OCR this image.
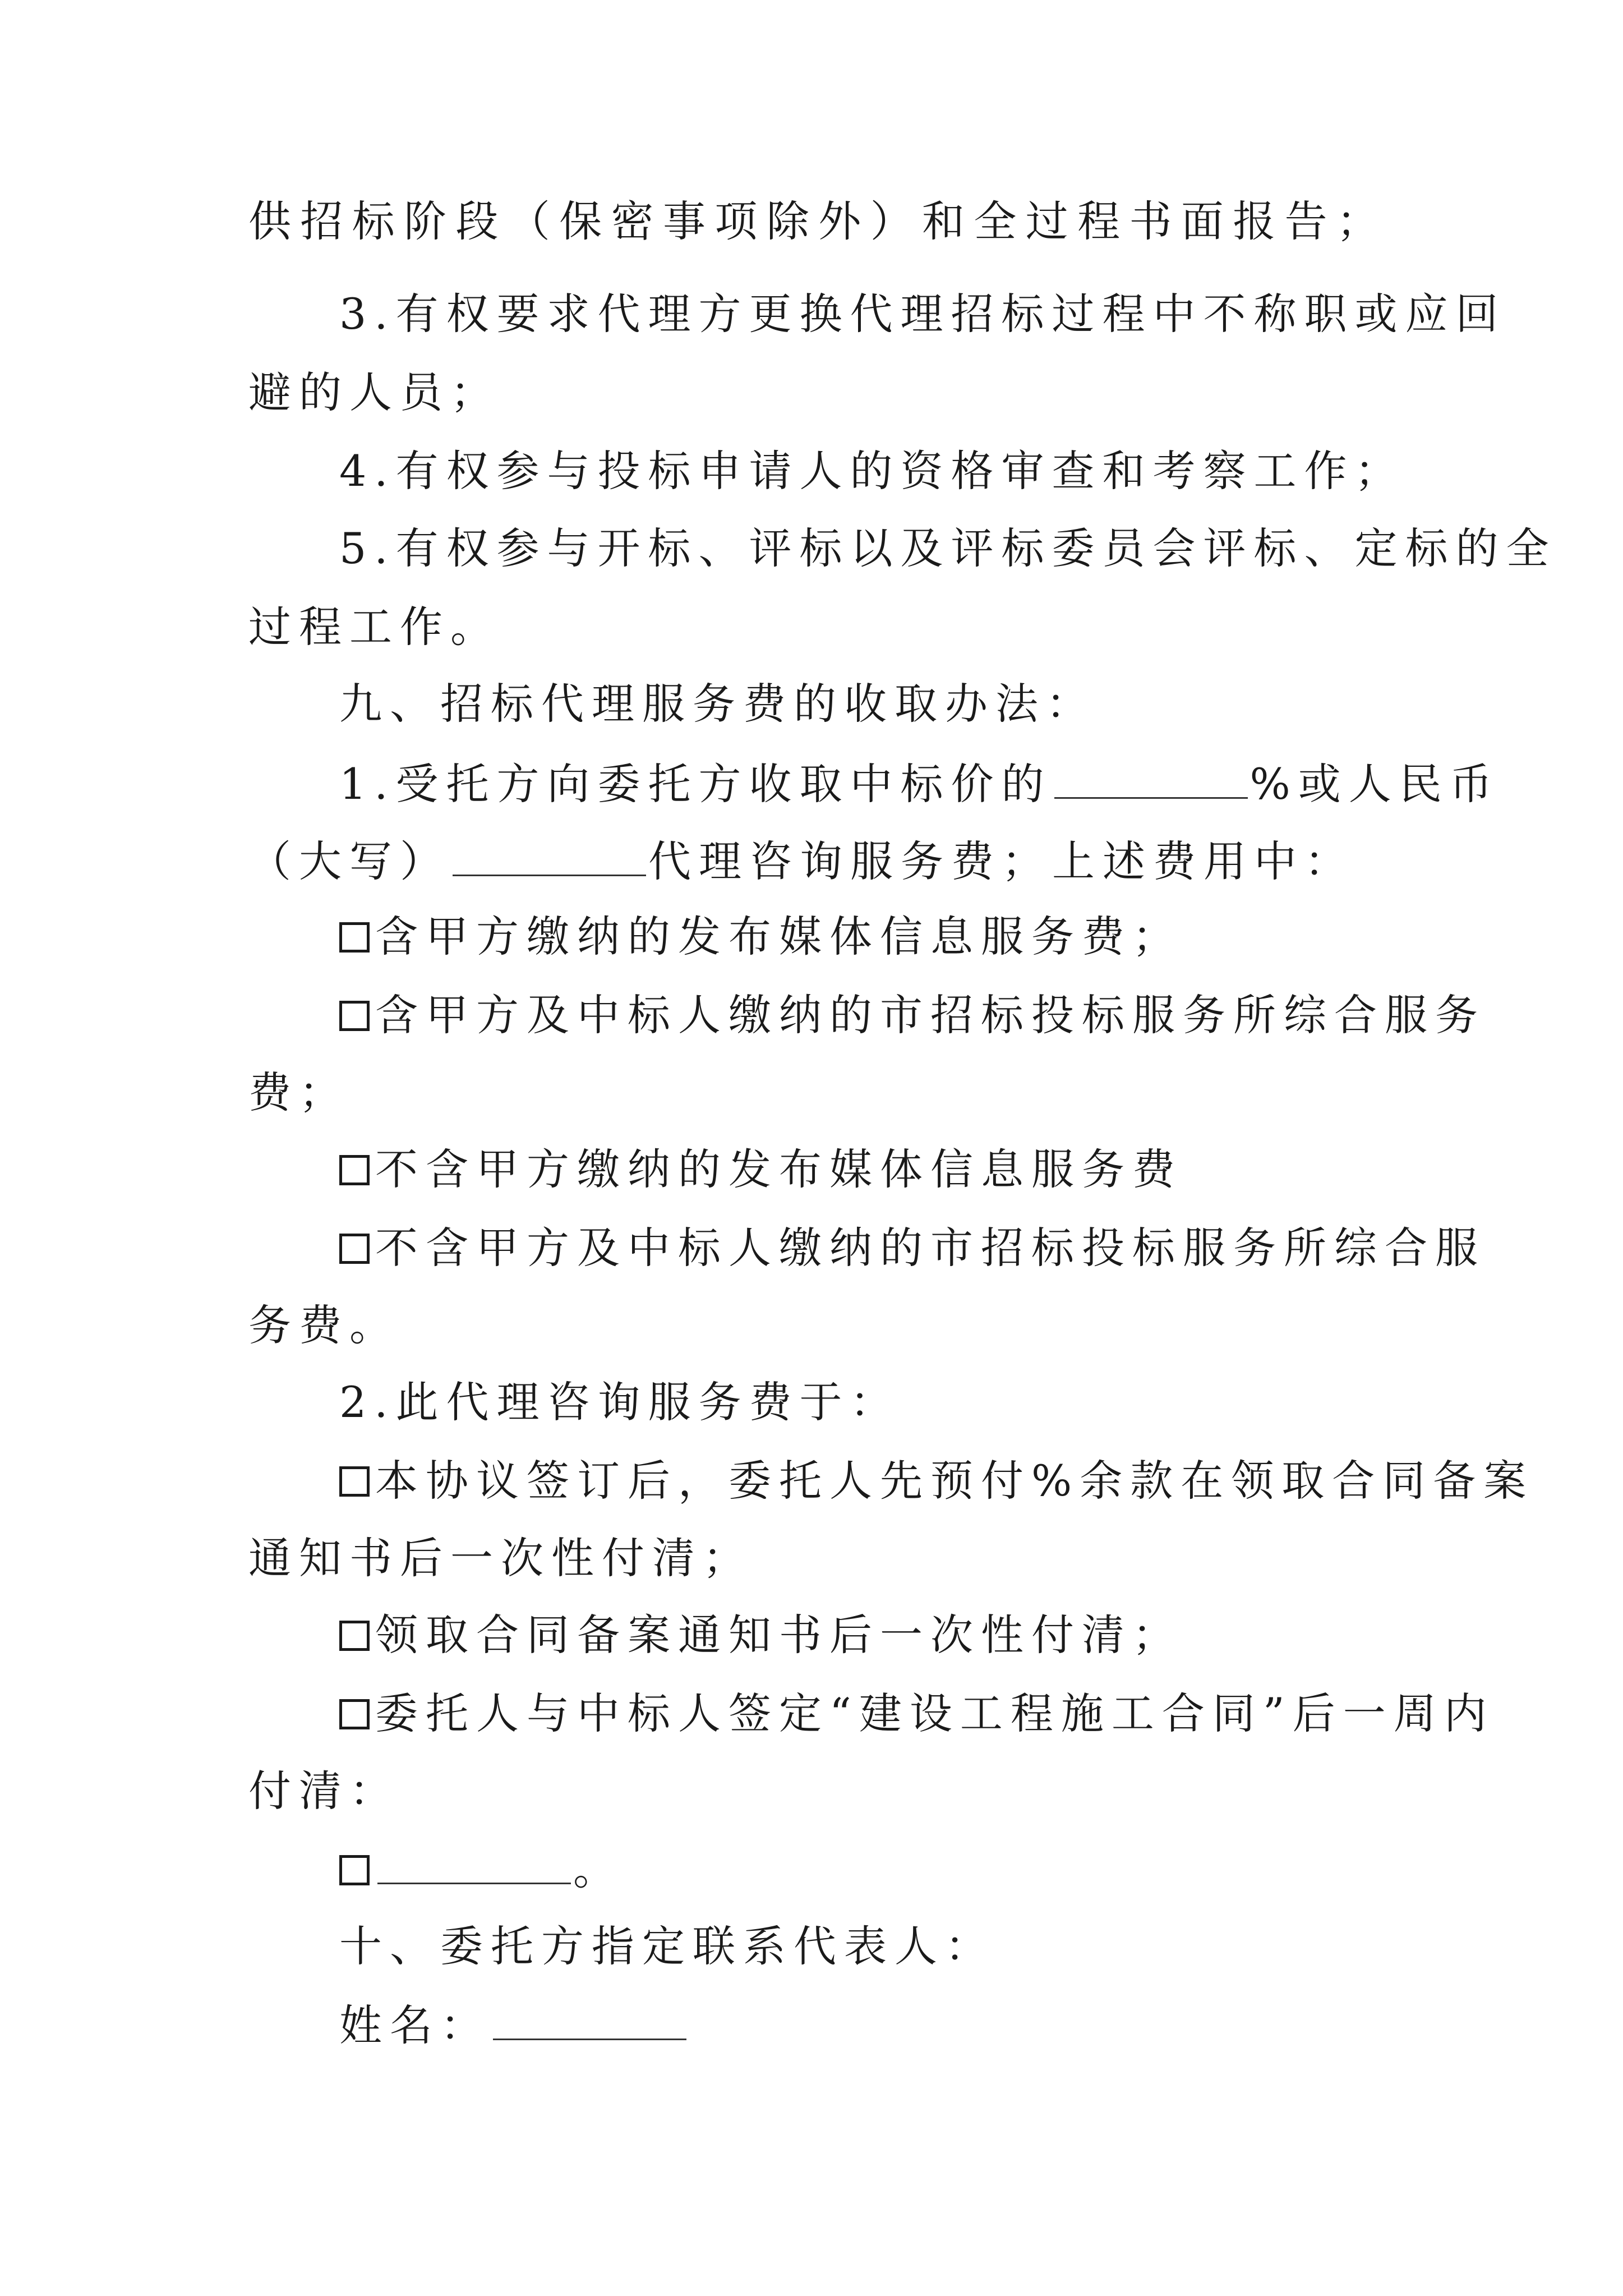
供招标阶段（保密事项除外）和全过程书面报告；
3.有权要求代理方更换代理招标过程中不称职或应回
避的人员；
4.有权参与投标申请人的资格审查和考察工作；
5.有权参与开标、评标以及评标委员会评标、定标的全
过程工作。
九、招标代理服务费的收取办法：
1.受托方向委托方收取中标价的	%或人民币
（大写）	代理咨询服务费；上述费用中：
含甲方缴纳的发布媒体信息服务费；
含甲方及中标人缴纳的市招标投标服务所综合服务
费；
不含甲方缴纳的发布媒体信息服务费
不含甲方及中标人缴纳的市招标投标服务所综合服
务费。
2.此代理咨询服务费于：
本协议签订后，委托人先预付%余款在领取合同备案
通知书后一次性付清；
领取合同备案通知书后一次性付清；
委托人与中标人签定“建设工程施工合同”后一周内
付清：
。
十、委托方指定联系代表人：
姓名：
